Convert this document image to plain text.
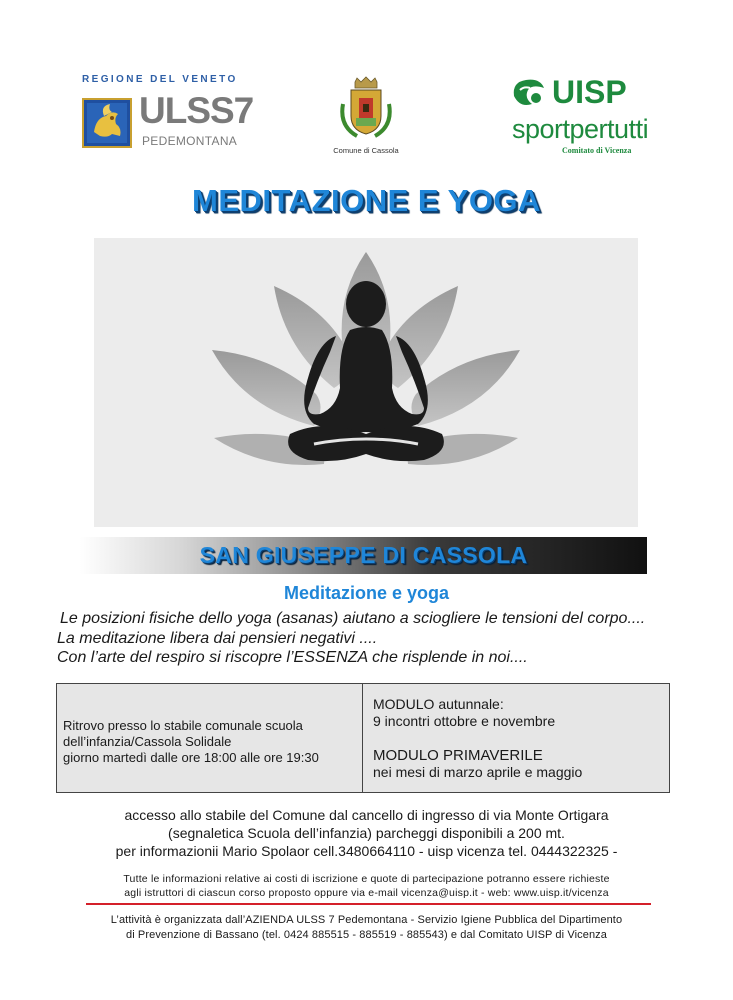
REGIONE DEL VENETO
ULSS7
PEDEMONTANA
Comune di Cassola
UISP
sportpertutti
Comitato di Vicenza
MEDITAZIONE E YOGA
SAN GIUSEPPE DI CASSOLA
Meditazione e yoga
Le posizioni fisiche dello yoga (asanas) aiutano a sciogliere le tensioni del corpo....
La meditazione libera dai pensieri negativi ....
Con l’arte del respiro si riscopre l’ESSENZA che risplende in noi....
Ritrovo presso lo stabile comunale scuola
dell’infanzia/Cassola Solidale
giorno martedì dalle ore 18:00 alle ore 19:30
MODULO autunnale:
9 incontri ottobre e novembre
MODULO PRIMAVERILE
nei mesi di marzo aprile e maggio
accesso allo stabile del Comune dal cancello di ingresso di via Monte Ortigara
(segnaletica Scuola dell’infanzia) parcheggi disponibili a 200 mt.
per informazionii Mario Spolaor cell.3480664110 - uisp vicenza tel. 0444322325 -
Tutte le informazioni relative ai costi di iscrizione e quote di partecipazione potranno essere richieste
agli istruttori di ciascun corso proposto oppure via e-mail vicenza@uisp.it - web: www.uisp.it/vicenza
L’attività è organizzata dall’AZIENDA ULSS 7 Pedemontana - Servizio Igiene Pubblica del Dipartimento
di Prevenzione di Bassano (tel. 0424 885515 - 885519 - 885543) e dal Comitato UISP di Vicenza
